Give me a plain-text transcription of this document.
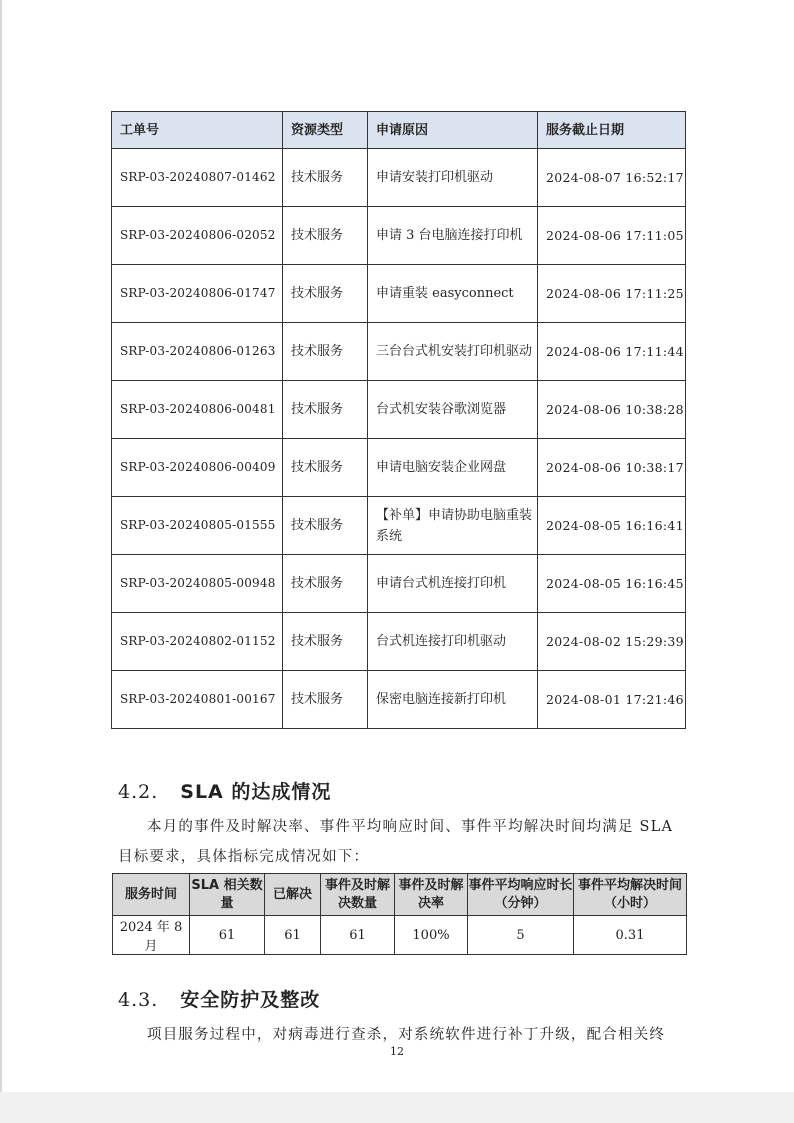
工单号	资源类型	申请原因	服务截止日期
SRP-03-20240807-01462	技术服务	申请安装打印机驱动	2024-08-07 16:52:17
SRP-03-20240806-02052	技术服务	申请 3 台电脑连接打印机	2024-08-06 17:11:05
SRP-03-20240806-01747	技术服务	申请重装 easyconnect	2024-08-06 17:11:25
SRP-03-20240806-01263	技术服务	三台台式机安装打印机驱动	2024-08-06 17:11:44
SRP-03-20240806-00481	技术服务	台式机安装谷歌浏览器	2024-08-06 10:38:28
SRP-03-20240806-00409	技术服务	申请电脑安装企业网盘	2024-08-06 10:38:17
SRP-03-20240805-01555	技术服务	【补单】申请协助电脑重装系统	2024-08-05 16:16:41
SRP-03-20240805-00948	技术服务	申请台式机连接打印机	2024-08-05 16:16:45
SRP-03-20240802-01152	技术服务	台式机连接打印机驱动	2024-08-02 15:29:39
SRP-03-20240801-00167	技术服务	保密电脑连接新打印机	2024-08-01 17:21:46
4.2. SLA 的达成情况
本月的事件及时解决率、事件平均响应时间、事件平均解决时间均满足 SLA
目标要求，具体指标完成情况如下：
服务时间	SLA 相关数量	已解决	事件及时解决数量	事件及时解决率	事件平均响应时长（分钟）	事件平均解决时间（小时）
2024 年 8 月	61	61	61	100%	5	0.31
4.3. 安全防护及整改
项目服务过程中，对病毒进行查杀，对系统软件进行补丁升级，配合相关终
12
